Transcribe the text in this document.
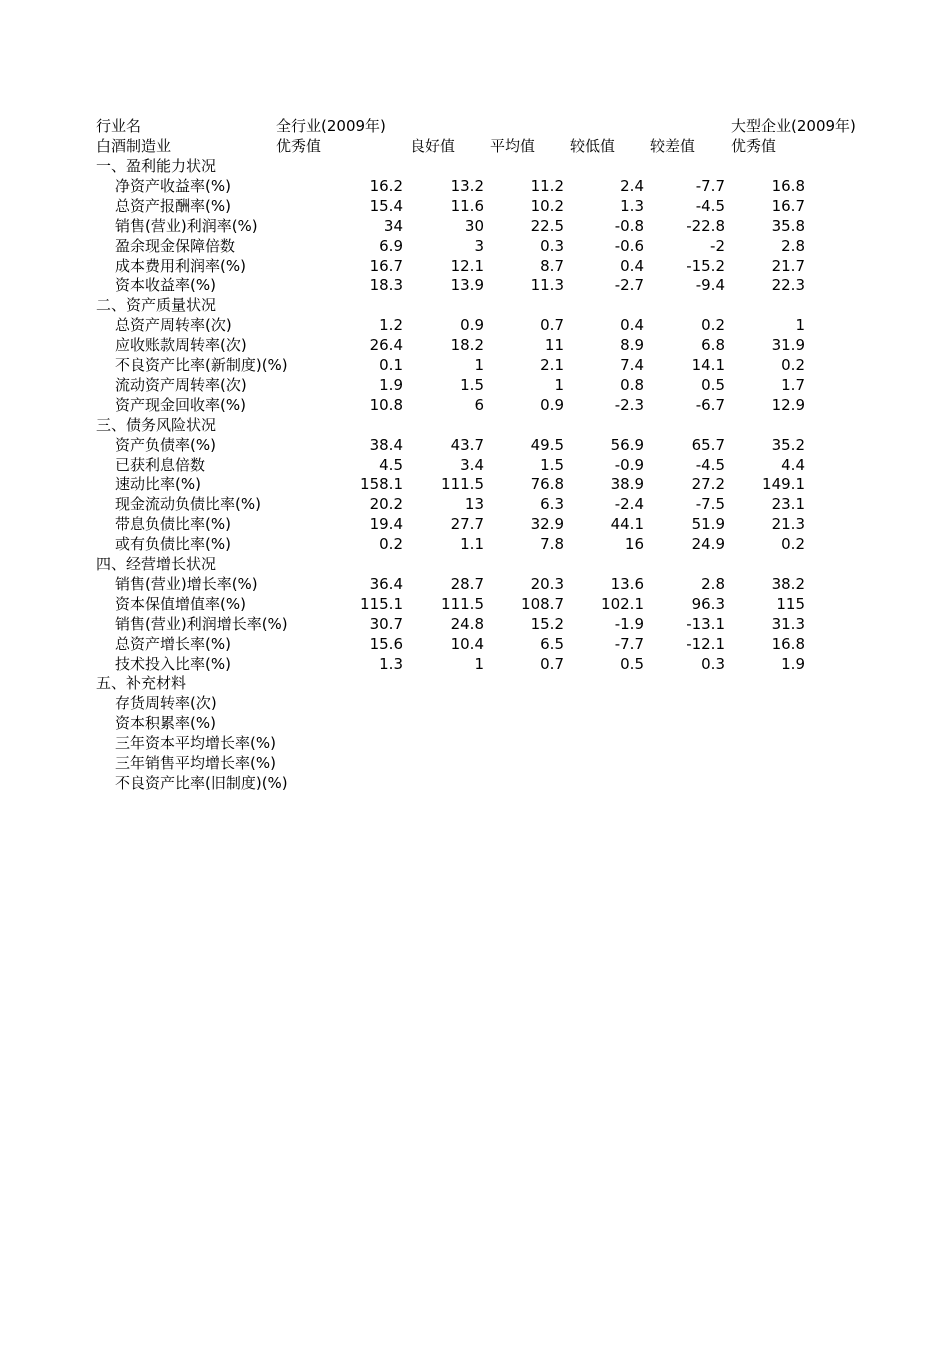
行业名	全行业(2009年)	大型企业(2009年)
白酒制造业	优秀值	良好值 平均值 较低值 较差值 优秀值
一、盈利能力状况
净资产收益率(%)	16.2	13.2	11.2	2.4	-7.7	16.8
总资产报酬率(%)	15.4	11.6	10.2	1.3	-4.5	16.7
销售(营业)利润率(%)	34	30	22.5	-0.8	-22.8	35.8
盈余现金保障倍数	6.9	3	0.3	-0.6	-2	2.8
成本费用利润率(%)	16.7	12.1	8.7	0.4	-15.2	21.7
资本收益率(%)	18.3	13.9	11.3	-2.7	-9.4	22.3
二、资产质量状况
总资产周转率(次)	1.2	0.9	0.7	0.4	0.2	1
应收账款周转率(次)	26.4	18.2	11	8.9	6.8	31.9
不良资产比率(新制度)(%)	0.1	1	2.1	7.4	14.1	0.2
流动资产周转率(次)	1.9	1.5	1	0.8	0.5	1.7
资产现金回收率(%)	10.8	6	0.9	-2.3	-6.7	12.9
三、债务风险状况
资产负债率(%)	38.4	43.7	49.5	56.9	65.7	35.2
已获利息倍数	4.5	3.4	1.5	-0.9	-4.5	4.4
速动比率(%)	158.1	111.5	76.8	38.9	27.2	149.1
现金流动负债比率(%)	20.2	13	6.3	-2.4	-7.5	23.1
带息负债比率(%)	19.4	27.7	32.9	44.1	51.9	21.3
或有负债比率(%)	0.2	1.1	7.8	16	24.9	0.2
四、经营增长状况
销售(营业)增长率(%)	36.4	28.7	20.3	13.6	2.8	38.2
资本保值增值率(%)	115.1	111.5	108.7	102.1	96.3	115
销售(营业)利润增长率(%)	30.7	24.8	15.2	-1.9	-13.1	31.3
总资产增长率(%)	15.6	10.4	6.5	-7.7	-12.1	16.8
技术投入比率(%)	1.3	1	0.7	0.5	0.3	1.9
五、补充材料
存货周转率(次)
资本积累率(%)
三年资本平均增长率(%)
三年销售平均增长率(%)
不良资产比率(旧制度)(%)
